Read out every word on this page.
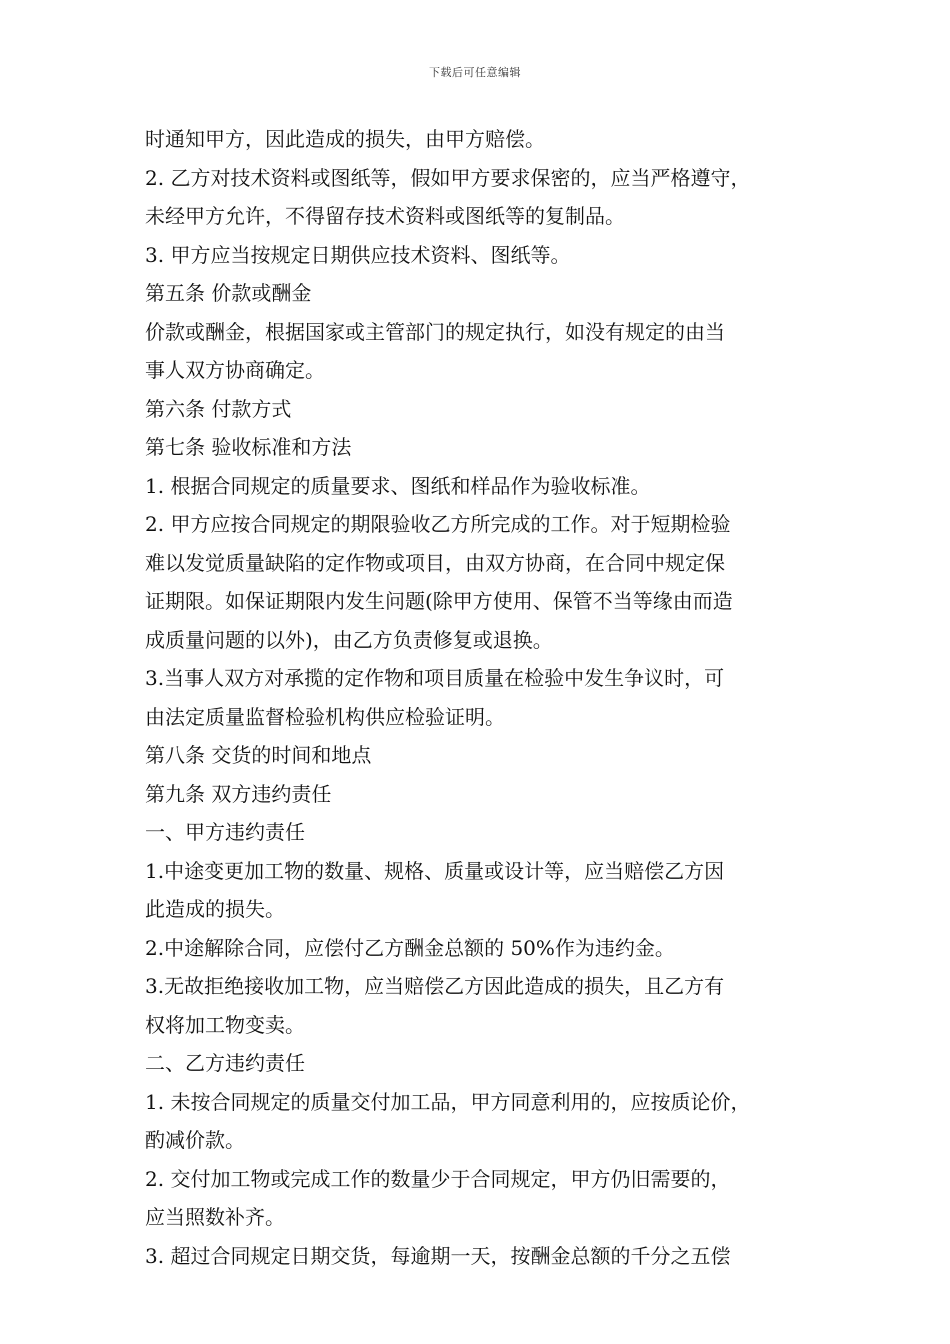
下载后可任意编辑
时通知甲方，因此造成的损失，由甲方赔偿。
2. 乙方对技术资料或图纸等，假如甲方要求保密的，应当严格遵守，
未经甲方允许，不得留存技术资料或图纸等的复制品。
3. 甲方应当按规定日期供应技术资料、图纸等。
第五条 价款或酬金
价款或酬金，根据国家或主管部门的规定执行，如没有规定的由当
事人双方协商确定。
第六条 付款方式
第七条 验收标准和方法
1. 根据合同规定的质量要求、图纸和样品作为验收标准。
2. 甲方应按合同规定的期限验收乙方所完成的工作。对于短期检验
难以发觉质量缺陷的定作物或项目，由双方协商，在合同中规定保
证期限。如保证期限内发生问题(除甲方使用、保管不当等缘由而造
成质量问题的以外)，由乙方负责修复或退换。
3.当事人双方对承揽的定作物和项目质量在检验中发生争议时，可
由法定质量监督检验机构供应检验证明。
第八条 交货的时间和地点
第九条 双方违约责任
一、甲方违约责任
1.中途变更加工物的数量、规格、质量或设计等，应当赔偿乙方因
此造成的损失。
2.中途解除合同，应偿付乙方酬金总额的 50%作为违约金。
3.无故拒绝接收加工物，应当赔偿乙方因此造成的损失，且乙方有
权将加工物变卖。
二、乙方违约责任
1. 未按合同规定的质量交付加工品，甲方同意利用的，应按质论价，
酌减价款。
2. 交付加工物或完成工作的数量少于合同规定，甲方仍旧需要的，
应当照数补齐。
3. 超过合同规定日期交货，每逾期一天，按酬金总额的千分之五偿
